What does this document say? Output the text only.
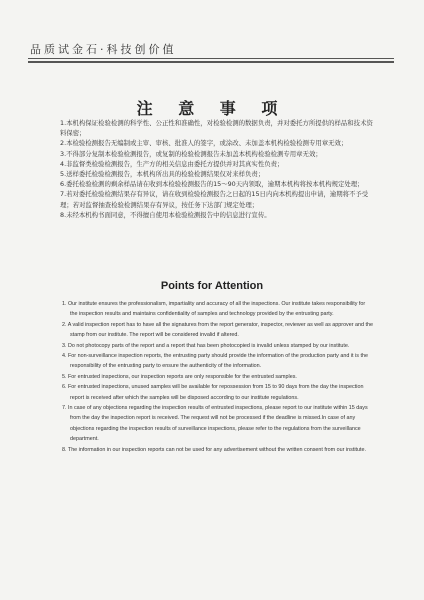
品质试金石·科技创价值
注 意 事 项
1.本机构保证检验检测的科学性、公正性和准确性，对检验检测的数据负责，并对委托方所提供的样品和技术资料保密；
2.本检验检测报告无编制或主审、审核、批准人的签字，或涂改、未加盖本机构检验检测专用章无效；
3.不得部分复制本检验检测报告，或复制的检验检测报告未加盖本机构检验检测专用章无效；
4.非监督类检验检测报告，生产方的相关信息由委托方提供并对其真实性负责；
5.送样委托检验检测报告，本机构所出具的检验检测结果仅对来样负责；
6.委托检验检测的剩余样品请在收到本检验检测报告的15～90天内领取，逾期本机构将按本机构规定处理；
7.若对委托检验检测结果存有异议，请在收到检验检测报告之日起的15日内向本机构提出申请，逾期将不予受理；若对监督抽查检验检测结果存有异议，按任务下达部门规定处理；
8.未经本机构书面同意，不得擅自使用本检验检测报告中的信息进行宣传。
Points for Attention
1. Our institute ensures the professionalism, impartiality and accuracy of all the inspections. Our institute takes responsibility for the inspection results and maintains confidentiality of samples and technology provided by the entrusting party.
2. A valid inspection report has to have all the signatures from the report generator, inspector, reviewer as well as approver and the stamp from our institute. The report will be considered invalid if altered.
3. Do not photocopy parts of the report and a report that has been photocopied is invalid unless stamped by our institute.
4. For non-surveillance inspection reports, the entrusting party should provide the information of the production party and it is the responsibility of the entrusting party to ensure the authenticity of the information.
5. For entrusted inspections, our inspection reports are only responsible for the entrusted samples.
6. For entrusted inspections, unused samples will be available for repossession from 15 to 90 days from the day the inspection report is received after which the samples will be disposed according to our institute regulations.
7. In case of any objections regarding the inspection results of entrusted inspections, please report to our institute within 15 days from the day the inspection report is received. The request will not be processed if the deadline is missed.In case of any objections regarding the inspection results of surveillance inspections, please refer to the regulations from the surveillance department.
8. The information in our inspection reports can not be used for any advertisement without the written consent from our institute.
